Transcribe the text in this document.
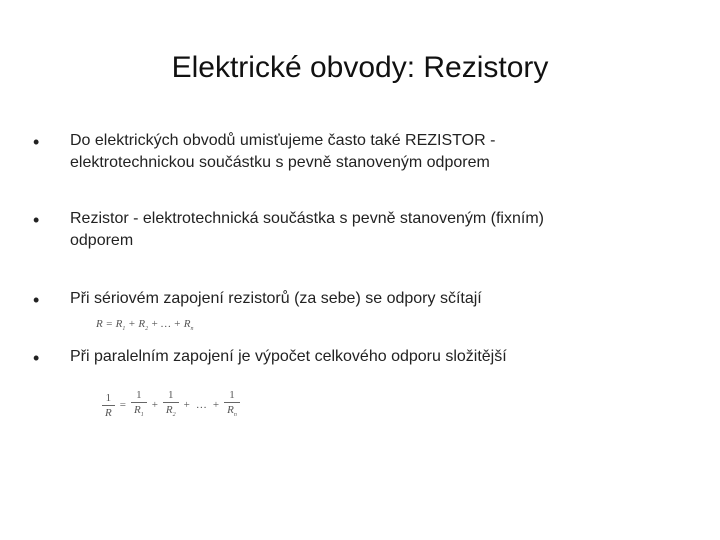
Elektrické obvody: Rezistory
•	Do elektrických obvodů umisťujeme často také REZISTOR -
elektrotechnickou součástku s pevně stanoveným odporem
•	Rezistor - elektrotechnická součástka s pevně stanoveným (fixním)
odporem
•	Při sériovém zapojení rezistorů (za sebe) se odpory sčítají
$R = R_1 + R_2$ + … + $R_n$
•	Při paralelním zapojení je výpočet celkového odporu složitější
$\frac{1}{R} = \frac{1}{R_1} + \frac{1}{R_2}$ + … + $\frac{1}{R_n}$
